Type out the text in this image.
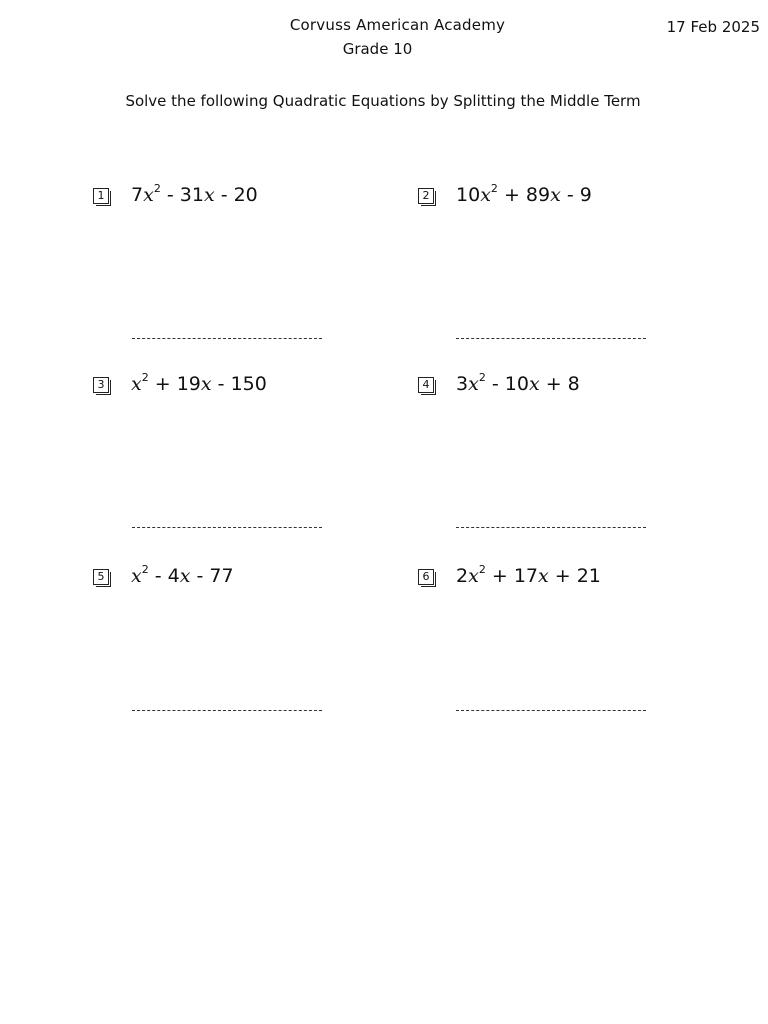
Corvuss American Academy
Grade 10
17 Feb 2025
Solve the following Quadratic Equations by Splitting the Middle Term
1 $7x^2 - 31x - 20$	2 $10x^2 + 89x - 9$
3 $x^2 + 19x - 150$	4 $3x^2 - 10x + 8$
5 $x^2 - 4x - 77$	6 $2x^2 + 17x + 21$
